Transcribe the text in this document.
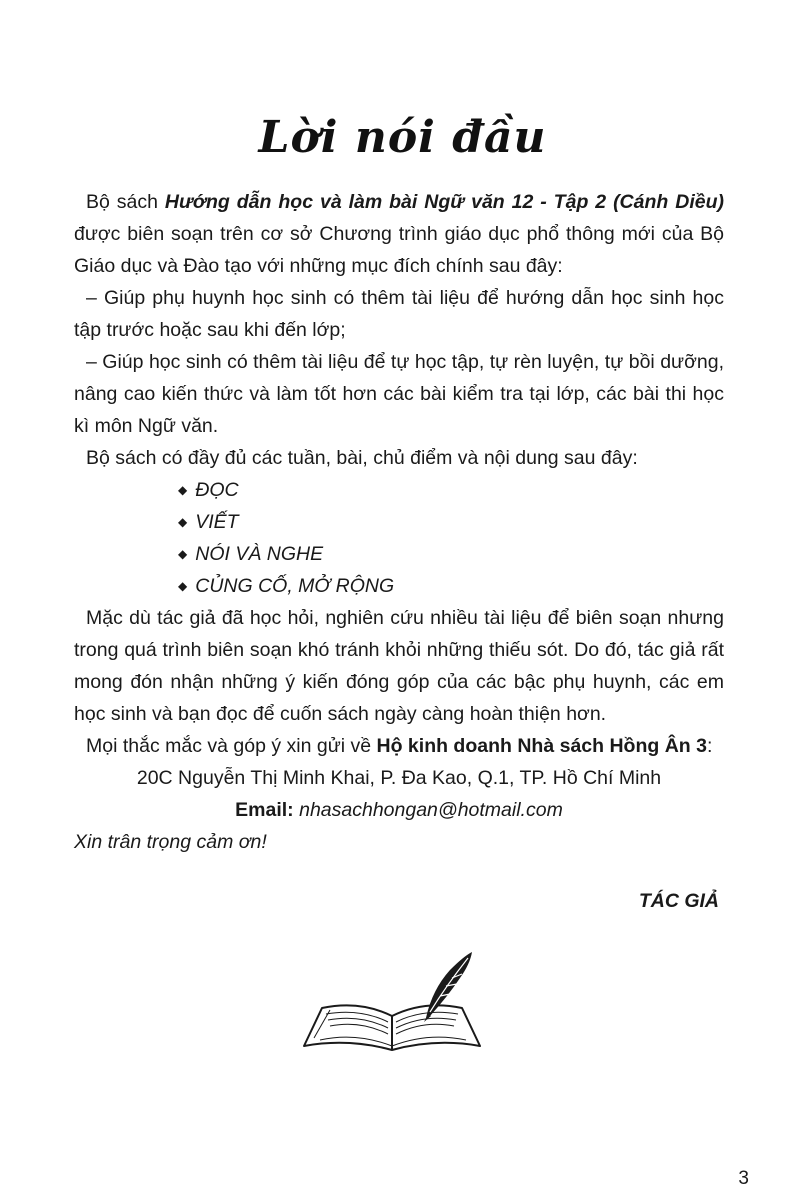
Lời nói đầu

Bộ sách Hướng dẫn học và làm bài Ngữ văn 12 - Tập 2 (Cánh Diều) được biên soạn trên cơ sở Chương trình giáo dục phổ thông mới của Bộ Giáo dục và Đào tạo với những mục đích chính sau đây:

– Giúp phụ huynh học sinh có thêm tài liệu để hướng dẫn học sinh học tập trước hoặc sau khi đến lớp;

– Giúp học sinh có thêm tài liệu để tự học tập, tự rèn luyện, tự bồi dưỡng, nâng cao kiến thức và làm tốt hơn các bài kiểm tra tại lớp, các bài thi học kì môn Ngữ văn.

Bộ sách có đầy đủ các tuần, bài, chủ điểm và nội dung sau đây:

◆ ĐỌC
◆ VIẾT
◆ NÓI VÀ NGHE
◆ CỦNG CỐ, MỞ RỘNG

Mặc dù tác giả đã học hỏi, nghiên cứu nhiều tài liệu để biên soạn nhưng trong quá trình biên soạn khó tránh khỏi những thiếu sót. Do đó, tác giả rất mong đón nhận những ý kiến đóng góp của các bậc phụ huynh, các em học sinh và bạn đọc để cuốn sách ngày càng hoàn thiện hơn.

Mọi thắc mắc và góp ý xin gửi về Hộ kinh doanh Nhà sách Hồng Ân 3:

20C Nguyễn Thị Minh Khai, P. Đa Kao, Q.1, TP. Hồ Chí Minh

Email: nhasachhongan@hotmail.com

Xin trân trọng cảm ơn!

TÁC GIẢ
3
